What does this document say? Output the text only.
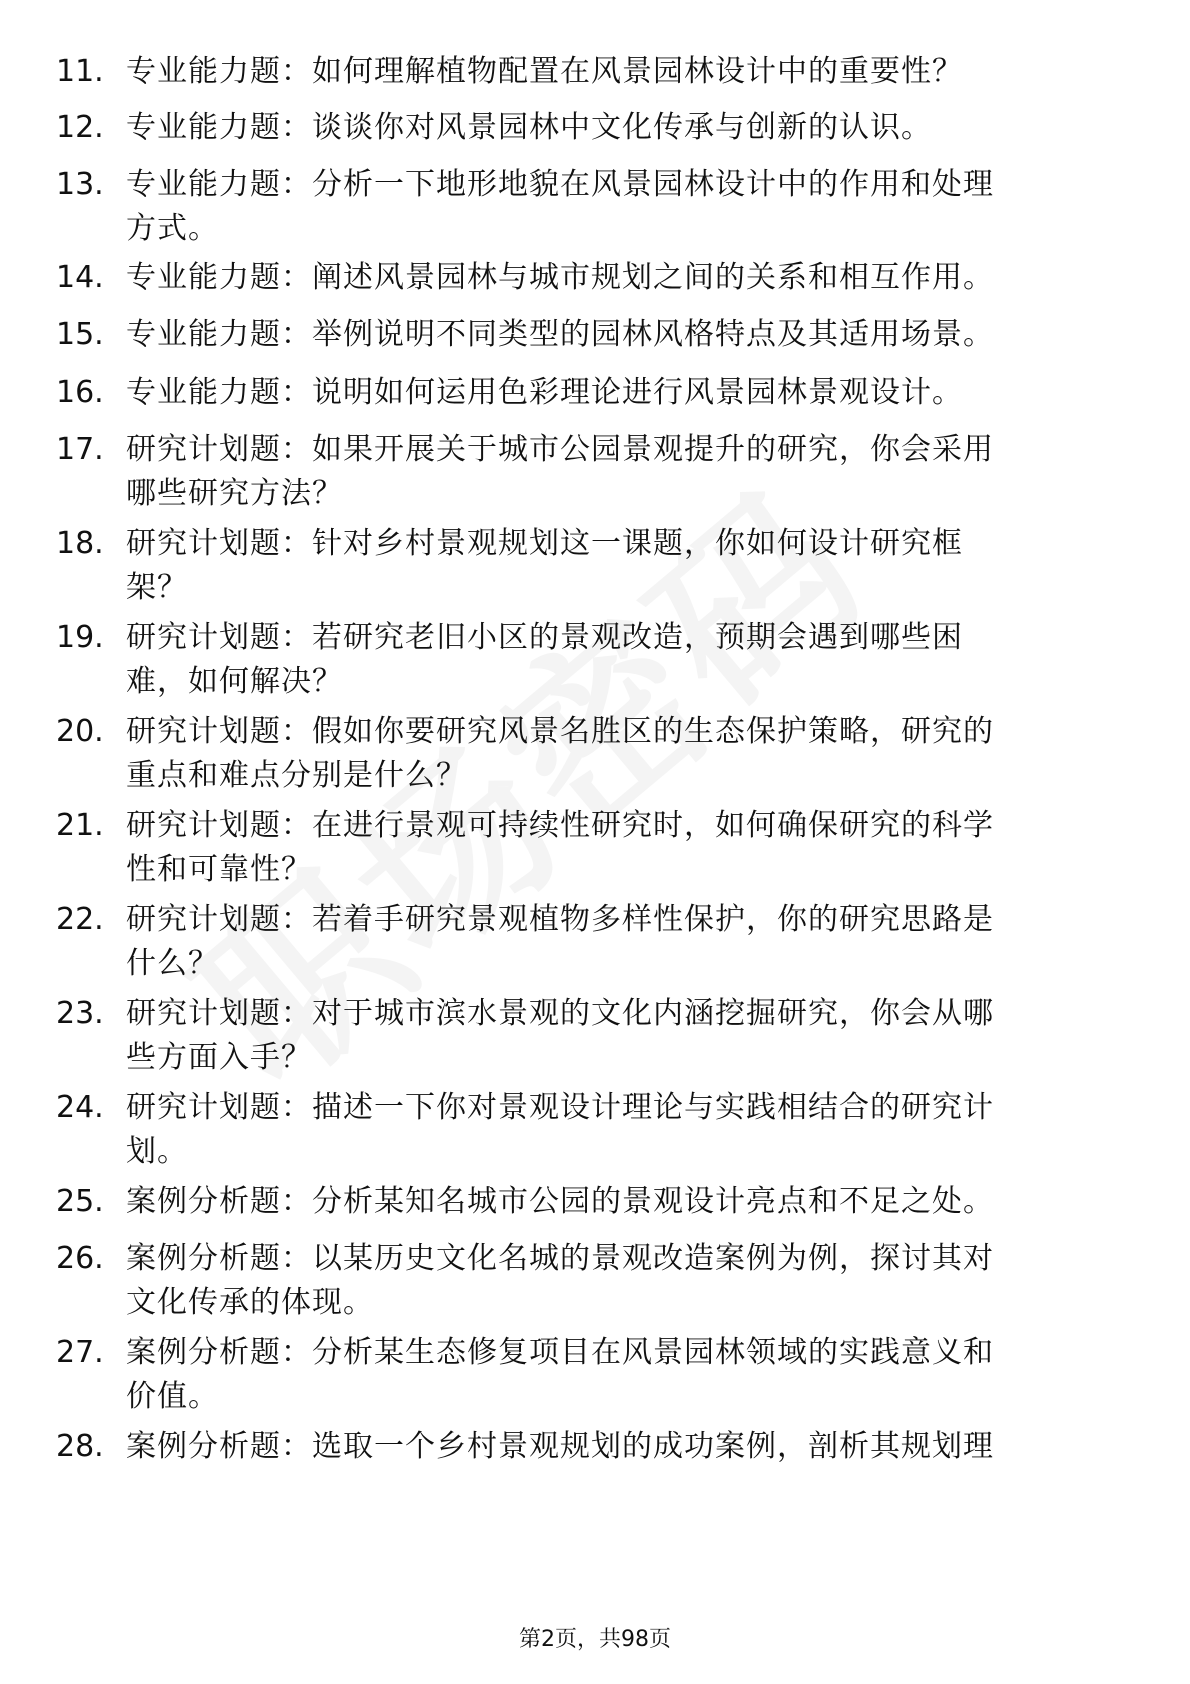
11. 专业能力题：如何理解植物配置在风景园林设计中的重要性？
12. 专业能力题：谈谈你对风景园林中文化传承与创新的认识。
13. 专业能力题：分析一下地形地貌在风景园林设计中的作用和处理
方式。
14. 专业能力题：阐述风景园林与城市规划之间的关系和相互作用。
15. 专业能力题：举例说明不同类型的园林风格特点及其适用场景。
16. 专业能力题：说明如何运用色彩理论进行风景园林景观设计。
17. 研究计划题：如果开展关于城市公园景观提升的研究，你会采用
哪些研究方法？
18. 研究计划题：针对乡村景观规划这一课题，你如何设计研究框
架？
19. 研究计划题：若研究老旧小区的景观改造，预期会遇到哪些困
难，如何解决？
20. 研究计划题：假如你要研究风景名胜区的生态保护策略，研究的
重点和难点分别是什么？
21. 研究计划题：在进行景观可持续性研究时，如何确保研究的科学
性和可靠性？
22. 研究计划题：若着手研究景观植物多样性保护，你的研究思路是
什么？
23. 研究计划题：对于城市滨水景观的文化内涵挖掘研究，你会从哪
些方面入手？
24. 研究计划题：描述一下你对景观设计理论与实践相结合的研究计
划。
25. 案例分析题：分析某知名城市公园的景观设计亮点和不足之处。
26. 案例分析题：以某历史文化名城的景观改造案例为例，探讨其对
文化传承的体现。
27. 案例分析题：分析某生态修复项目在风景园林领域的实践意义和
价值。
28. 案例分析题：选取一个乡村景观规划的成功案例，剖析其规划理
第2页，共98页
